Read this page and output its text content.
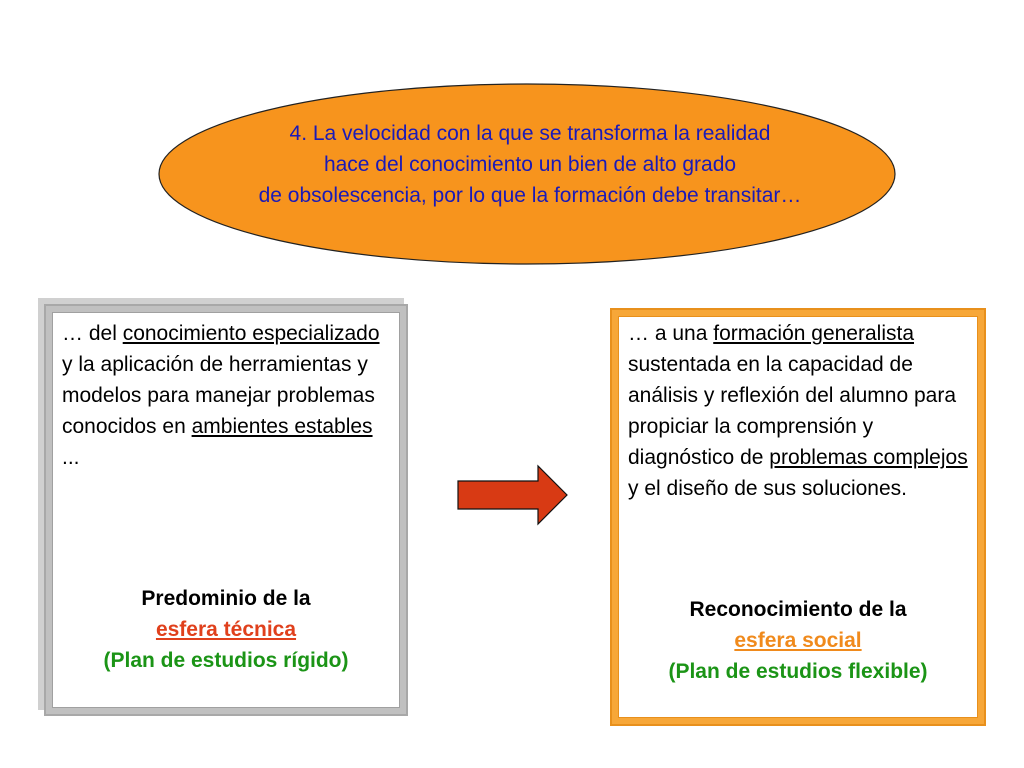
4. La velocidad con la que se transforma la realidad
hace del conocimiento un bien de alto grado
de obsolescencia, por lo que la formación debe transitar…
… del conocimiento especializado y la aplicación de herramientas y modelos para manejar problemas conocidos en ambientes estables ...
Predominio de la
esfera técnica
(Plan de estudios rígido)
… a una formación generalista sustentada en la capacidad de análisis y reflexión del alumno para propiciar la comprensión y diagnóstico de problemas complejos y el diseño de sus soluciones.
Reconocimiento de la
esfera social
(Plan de estudios flexible)
